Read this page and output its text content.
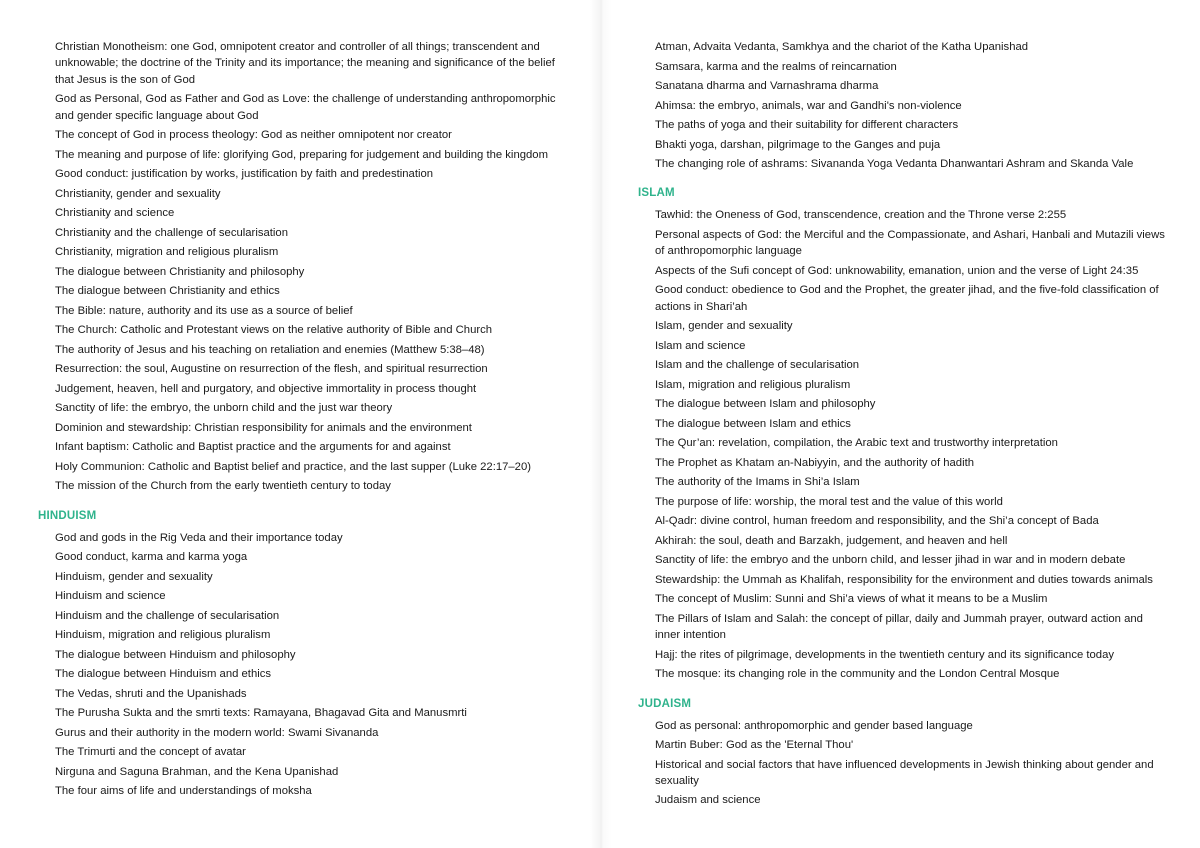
Christian Monotheism: one God, omnipotent creator and controller of all things; transcendent and unknowable; the doctrine of the Trinity and its importance; the meaning and significance of the belief that Jesus is the son of God
God as Personal, God as Father and God as Love: the challenge of understanding anthropomorphic and gender specific language about God
The concept of God in process theology: God as neither omnipotent nor creator
The meaning and purpose of life: glorifying God, preparing for judgement and building the kingdom
Good conduct: justification by works, justification by faith and predestination
Christianity, gender and sexuality
Christianity and science
Christianity and the challenge of secularisation
Christianity, migration and religious pluralism
The dialogue between Christianity and philosophy
The dialogue between Christianity and ethics
The Bible: nature, authority and its use as a source of belief
The Church: Catholic and Protestant views on the relative authority of Bible and Church
The authority of Jesus and his teaching on retaliation and enemies (Matthew 5:38–48)
Resurrection: the soul, Augustine on resurrection of the flesh, and spiritual resurrection
Judgement, heaven, hell and purgatory, and objective immortality in process thought
Sanctity of life: the embryo, the unborn child and the just war theory
Dominion and stewardship: Christian responsibility for animals and the environment
Infant baptism: Catholic and Baptist practice and the arguments for and against
Holy Communion: Catholic and Baptist belief and practice, and the last supper (Luke 22:17–20)
The mission of the Church from the early twentieth century to today
HINDUISM
God and gods in the Rig Veda and their importance today
Good conduct, karma and karma yoga
Hinduism, gender and sexuality
Hinduism and science
Hinduism and the challenge of secularisation
Hinduism, migration and religious pluralism
The dialogue between Hinduism and philosophy
The dialogue between Hinduism and ethics
The Vedas, shruti and the Upanishads
The Purusha Sukta and the smrti texts: Ramayana, Bhagavad Gita and Manusmrti
Gurus and their authority in the modern world: Swami Sivananda
The Trimurti and the concept of avatar
Nirguna and Saguna Brahman, and the Kena Upanishad
The four aims of life and understandings of moksha
Atman, Advaita Vedanta, Samkhya and the chariot of the Katha Upanishad
Samsara, karma and the realms of reincarnation
Sanatana dharma and Varnashrama dharma
Ahimsa: the embryo, animals, war and Gandhi's non-violence
The paths of yoga and their suitability for different characters
Bhakti yoga, darshan, pilgrimage to the Ganges and puja
The changing role of ashrams: Sivananda Yoga Vedanta Dhanwantari Ashram and Skanda Vale
ISLAM
Tawhid: the Oneness of God, transcendence, creation and the Throne verse 2:255
Personal aspects of God: the Merciful and the Compassionate, and Ashari, Hanbali and Mutazili views of anthropomorphic language
Aspects of the Sufi concept of God: unknowability, emanation, union and the verse of Light 24:35
Good conduct: obedience to God and the Prophet, the greater jihad, and the five-fold classification of actions in Shari’ah
Islam, gender and sexuality
Islam and science
Islam and the challenge of secularisation
Islam, migration and religious pluralism
The dialogue between Islam and philosophy
The dialogue between Islam and ethics
The Qur’an: revelation, compilation, the Arabic text and trustworthy interpretation
The Prophet as Khatam an-Nabiyyin, and the authority of hadith
The authority of the Imams in Shi’a Islam
The purpose of life: worship, the moral test and the value of this world
Al-Qadr: divine control, human freedom and responsibility, and the Shi’a concept of Bada
Akhirah: the soul, death and Barzakh, judgement, and heaven and hell
Sanctity of life: the embryo and the unborn child, and lesser jihad in war and in modern debate
Stewardship: the Ummah as Khalifah, responsibility for the environment and duties towards animals
The concept of Muslim: Sunni and Shi’a views of what it means to be a Muslim
The Pillars of Islam and Salah: the concept of pillar, daily and Jummah prayer, outward action and inner intention
Hajj: the rites of pilgrimage, developments in the twentieth century and its significance today
The mosque: its changing role in the community and the London Central Mosque
JUDAISM
God as personal: anthropomorphic and gender based language
Martin Buber: God as the 'Eternal Thou'
Historical and social factors that have influenced developments in Jewish thinking about gender and sexuality
Judaism and science
